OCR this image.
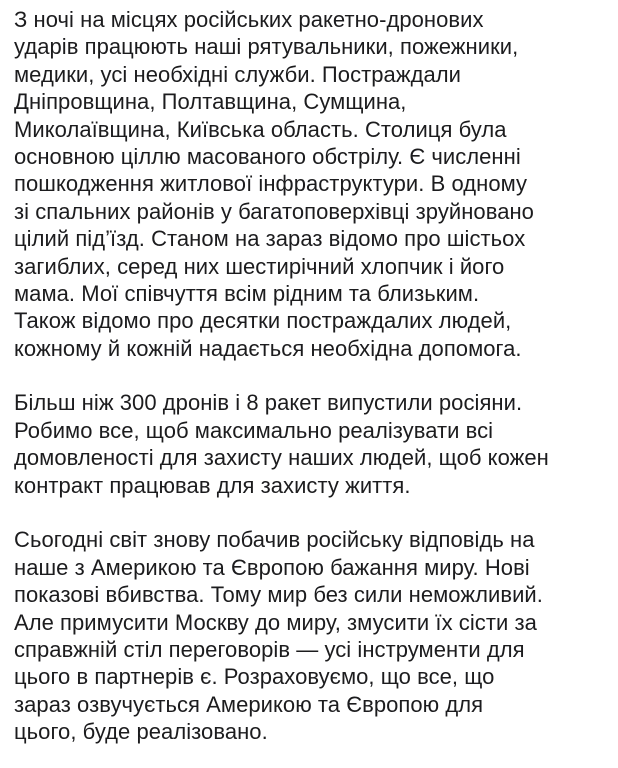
З ночі на місцях російських ракетно-дронових
ударів працюють наші рятувальники, пожежники,
медики, усі необхідні служби. Постраждали
Дніпровщина, Полтавщина, Сумщина,
Миколаївщина, Київська область. Столиця була
основною ціллю масованого обстрілу. Є численні
пошкодження житлової інфраструктури. В одному
зі спальних районів у багатоповерхівці зруйновано
цілий під’їзд. Станом на зараз відомо про шістьох
загиблих, серед них шестирічний хлопчик і його
мама. Мої співчуття всім рідним та близьким.
Також відомо про десятки постраждалих людей,
кожному й кожній надається необхідна допомога.
Більш ніж 300 дронів і 8 ракет випустили росіяни.
Робимо все, щоб максимально реалізувати всі
домовленості для захисту наших людей, щоб кожен
контракт працював для захисту життя.
Сьогодні світ знову побачив російську відповідь на
наше з Америкою та Європою бажання миру. Нові
показові вбивства. Тому мир без сили неможливий.
Але примусити Москву до миру, змусити їх сісти за
справжній стіл переговорів — усі інструменти для
цього в партнерів є. Розраховуємо, що все, що
зараз озвучується Америкою та Європою для
цього, буде реалізовано.
